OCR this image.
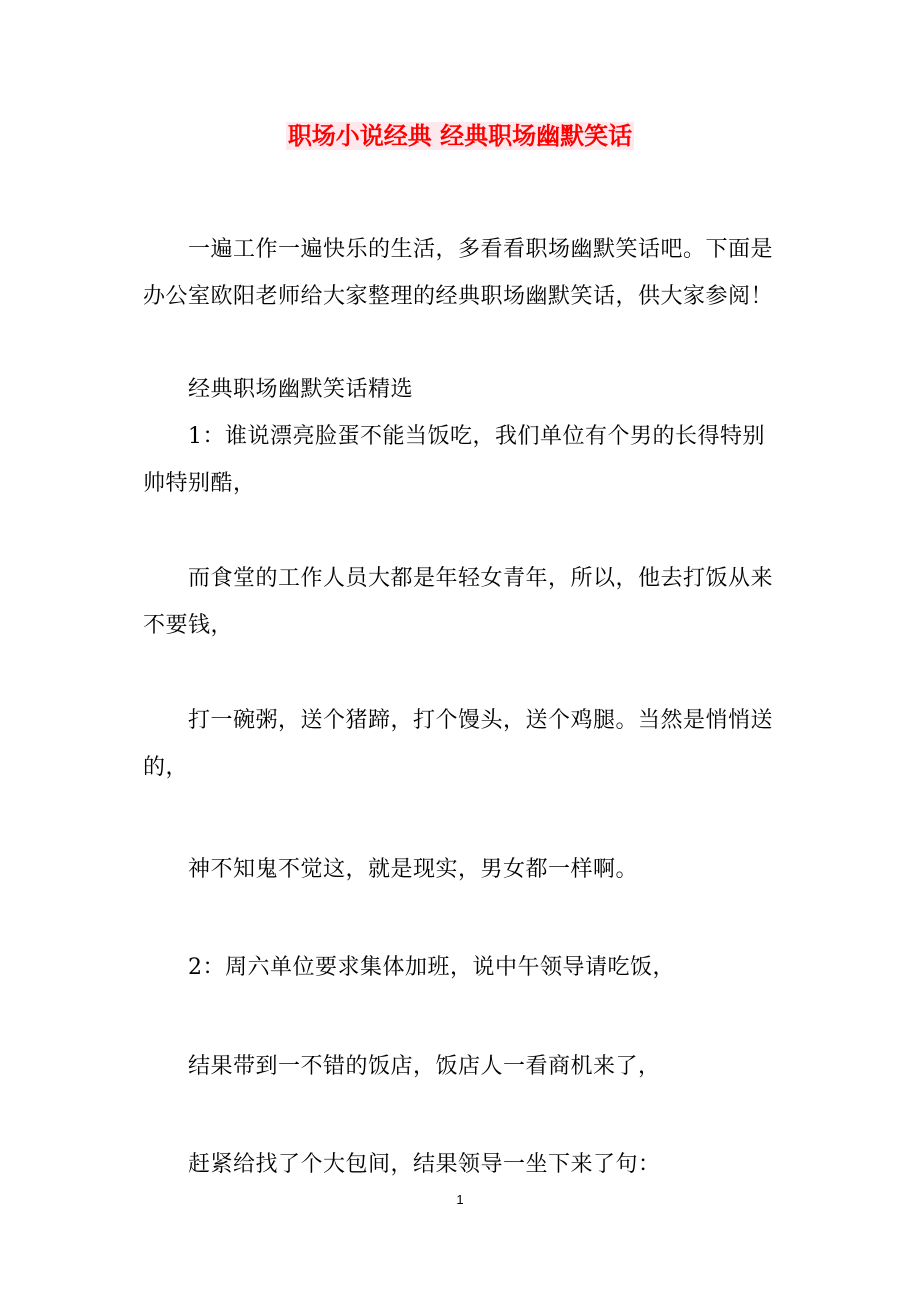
职场小说经典 经典职场幽默笑话

一遍工作一遍快乐的生活，多看看职场幽默笑话吧。下面是办公室欧阳老师给大家整理的经典职场幽默笑话，供大家参阅！

经典职场幽默笑话精选

1：谁说漂亮脸蛋不能当饭吃，我们单位有个男的长得特别帅特别酷，

而食堂的工作人员大都是年轻女青年，所以，他去打饭从来不要钱，

打一碗粥，送个猪蹄，打个馒头，送个鸡腿。当然是悄悄送的，

神不知鬼不觉这，就是现实，男女都一样啊。

2：周六单位要求集体加班，说中午领导请吃饭，

结果带到一不错的饭店，饭店人一看商机来了，

赶紧给找了个大包间，结果领导一坐下来了句：

1
